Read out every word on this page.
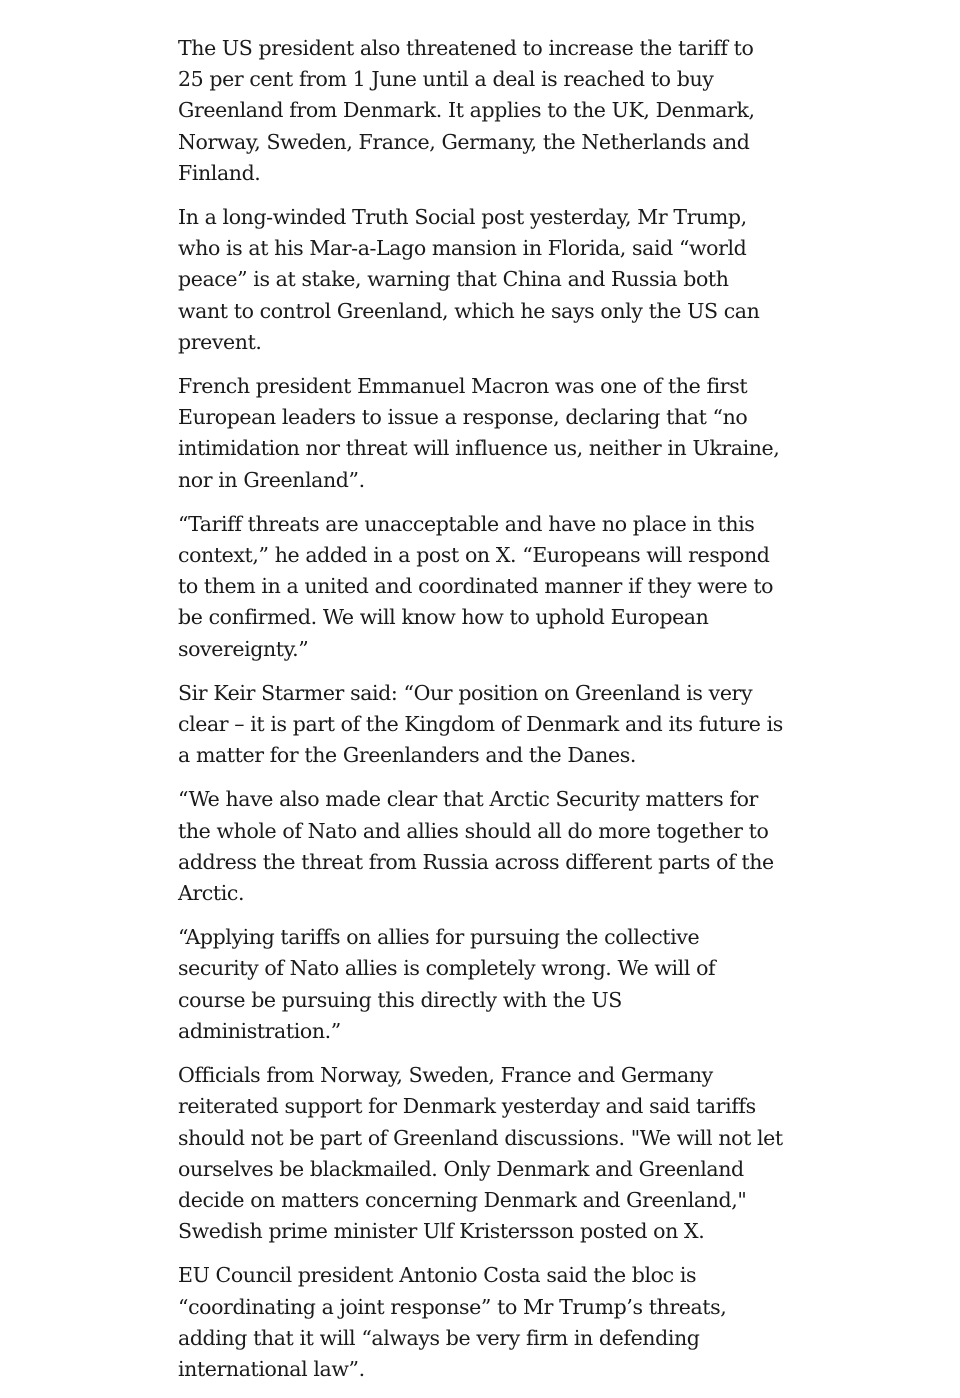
The US president also threatened to increase the tariff to 25 per cent from 1 June until a deal is reached to buy Greenland from Denmark. It applies to the UK, Denmark, Norway, Sweden, France, Germany, the Netherlands and Finland.

In a long-winded Truth Social post yesterday, Mr Trump, who is at his Mar-a-Lago mansion in Florida, said “world peace” is at stake, warning that China and Russia both want to control Greenland, which he says only the US can prevent.

French president Emmanuel Macron was one of the first European leaders to issue a response, declaring that “no intimidation nor threat will influence us, neither in Ukraine, nor in Greenland”.

“Tariff threats are unacceptable and have no place in this context,” he added in a post on X. “Europeans will respond to them in a united and coordinated manner if they were to be confirmed. We will know how to uphold European sovereignty.”

Sir Keir Starmer said: “Our position on Greenland is very clear – it is part of the Kingdom of Denmark and its future is a matter for the Greenlanders and the Danes.

“We have also made clear that Arctic Security matters for the whole of Nato and allies should all do more together to address the threat from Russia across different parts of the Arctic.

“Applying tariffs on allies for pursuing the collective security of Nato allies is completely wrong. We will of course be pursuing this directly with the US administration.”

Officials from Norway, Sweden, France and Germany reiterated support for Denmark yesterday and said tariffs should not be part of Greenland discussions. "We will not let ourselves be blackmailed. Only Denmark and Greenland decide on matters concerning Denmark and Greenland," Swedish prime minister Ulf Kristersson posted on X.

EU Council president Antonio Costa said the bloc is “coordinating a joint response” to Mr Trump’s threats, adding that it will “always be very firm in defending international law”.
